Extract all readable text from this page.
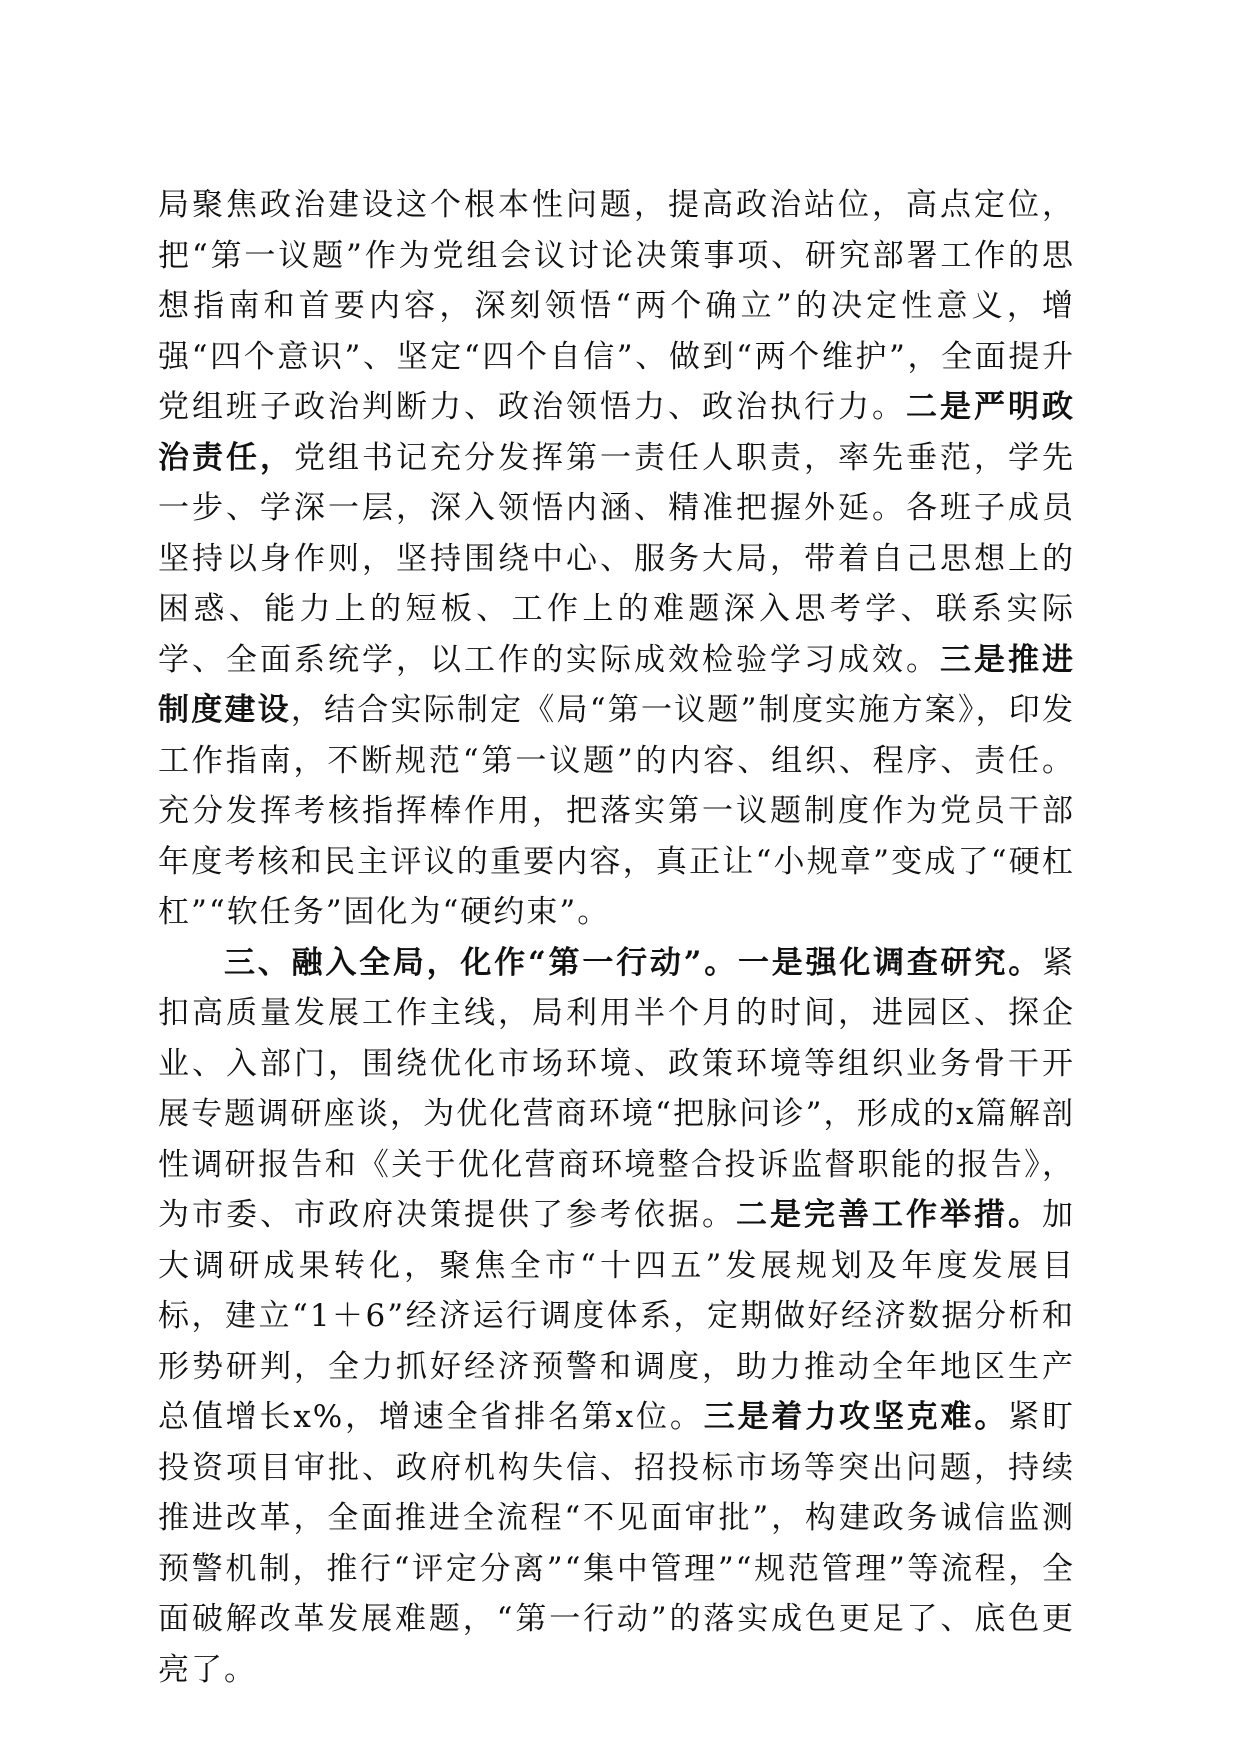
局聚焦政治建设这个根本性问题，提高政治站位，高点定位，把“第一议题”作为党组会议讨论决策事项、研究部署工作的思想指南和首要内容，深刻领悟“两个确立”的决定性意义，增强“四个意识”、坚定“四个自信”、做到“两个维护”，全面提升党组班子政治判断力、政治领悟力、政治执行力。二是严明政治责任，党组书记充分发挥第一责任人职责，率先垂范，学先一步、学深一层，深入领悟内涵、精准把握外延。各班子成员坚持以身作则，坚持围绕中心、服务大局，带着自己思想上的困惑、能力上的短板、工作上的难题深入思考学、联系实际学、全面系统学，以工作的实际成效检验学习成效。三是推进制度建设，结合实际制定《局“第一议题”制度实施方案》，印发工作指南，不断规范“第一议题”的内容、组织、程序、责任。充分发挥考核指挥棒作用，把落实第一议题制度作为党员干部年度考核和民主评议的重要内容，真正让“小规章”变成了“硬杠杠”“软任务”固化为“硬约束”。

三、融入全局，化作“第一行动”。一是强化调查研究。紧扣高质量发展工作主线，局利用半个月的时间，进园区、探企业、入部门，围绕优化市场环境、政策环境等组织业务骨干开展专题调研座谈，为优化营商环境“把脉问诊”，形成的x篇解剖性调研报告和《关于优化营商环境整合投诉监督职能的报告》，为市委、市政府决策提供了参考依据。二是完善工作举措。加大调研成果转化，聚焦全市“十四五”发展规划及年度发展目标，建立“1＋6”经济运行调度体系，定期做好经济数据分析和形势研判，全力抓好经济预警和调度，助力推动全年地区生产总值增长x%，增速全省排名第x位。三是着力攻坚克难。紧盯投资项目审批、政府机构失信、招投标市场等突出问题，持续推进改革，全面推进全流程“不见面审批”，构建政务诚信监测预警机制，推行“评定分离”“集中管理”“规范管理”等流程，全面破解改革发展难题，“第一行动”的落实成色更足了、底色更亮了。
